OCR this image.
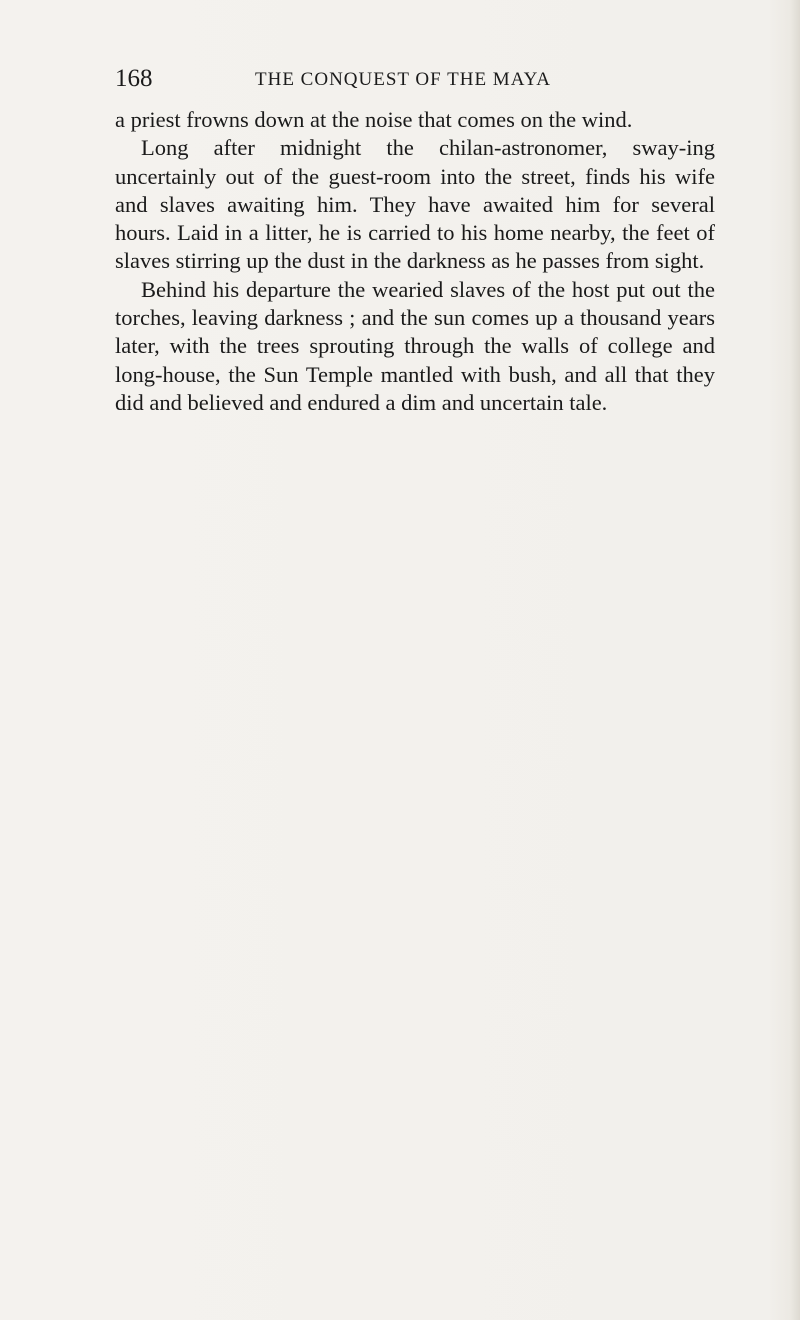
168	THE CONQUEST OF THE MAYA

a priest frowns down at the noise that comes on the wind.

Long after midnight the chilan-astronomer, sway-ing uncertainly out of the guest-room into the street, finds his wife and slaves awaiting him. They have awaited him for several hours. Laid in a litter, he is carried to his home nearby, the feet of slaves stirring up the dust in the darkness as he passes from sight.

Behind his departure the wearied slaves of the host put out the torches, leaving darkness ; and the sun comes up a thousand years later, with the trees sprouting through the walls of college and long-house, the Sun Temple mantled with bush, and all that they did and believed and endured a dim and uncertain tale.
